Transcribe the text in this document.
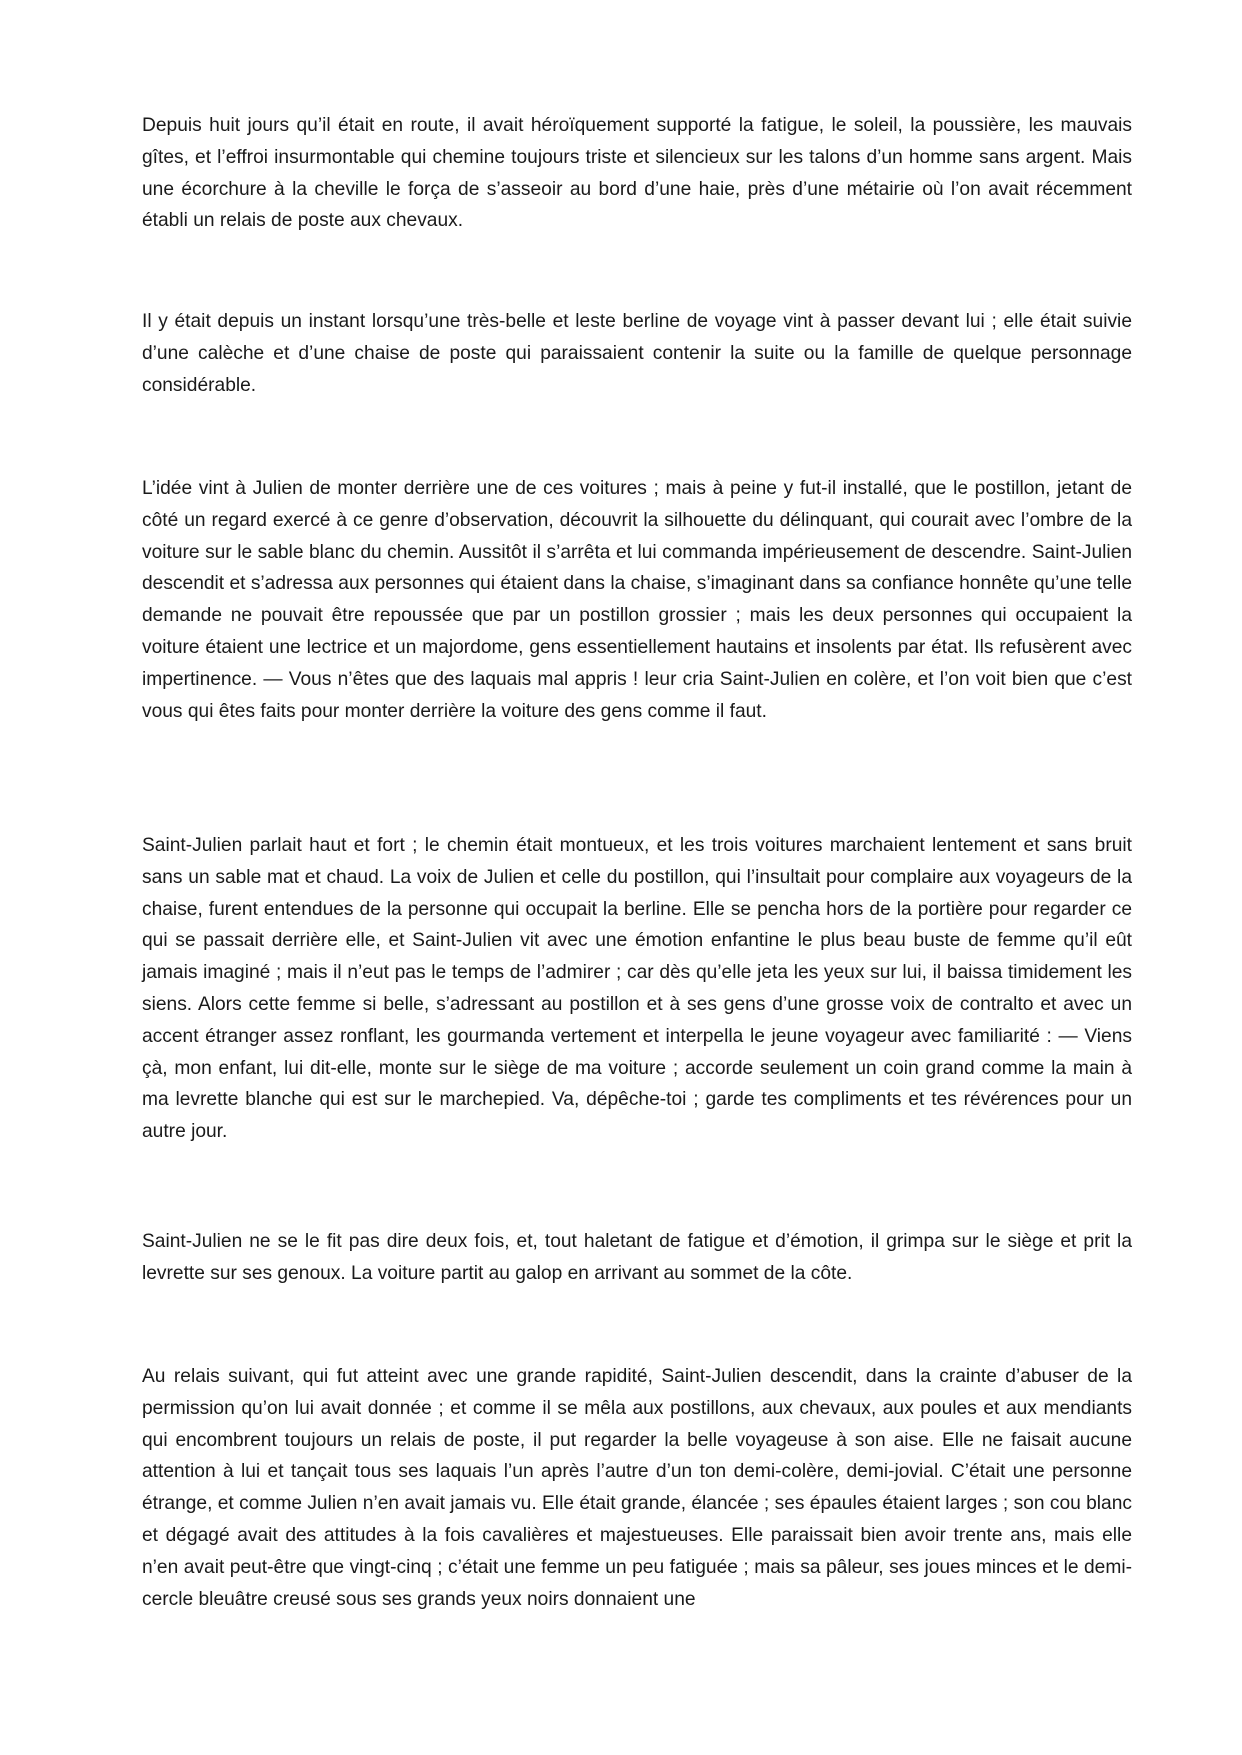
Depuis huit jours qu’il était en route, il avait héroïquement supporté la fatigue, le soleil, la poussière, les mauvais gîtes, et l’effroi insurmontable qui chemine toujours triste et silencieux sur les talons d’un homme sans argent. Mais une écorchure à la cheville le força de s’asseoir au bord d’une haie, près d’une métairie où l’on avait récemment établi un relais de poste aux chevaux.

Il y était depuis un instant lorsqu’une très-belle et leste berline de voyage vint à passer devant lui ; elle était suivie d’une calèche et d’une chaise de poste qui paraissaient contenir la suite ou la famille de quelque personnage considérable.

L’idée vint à Julien de monter derrière une de ces voitures ; mais à peine y fut-il installé, que le postillon, jetant de côté un regard exercé à ce genre d’observation, découvrit la silhouette du délinquant, qui courait avec l’ombre de la voiture sur le sable blanc du chemin. Aussitôt il s’arrêta et lui commanda impérieusement de descendre. Saint-Julien descendit et s’adressa aux personnes qui étaient dans la chaise, s’imaginant dans sa confiance honnête qu’une telle demande ne pouvait être repoussée que par un postillon grossier ; mais les deux personnes qui occupaient la voiture étaient une lectrice et un majordome, gens essentiellement hautains et insolents par état. Ils refusèrent avec impertinence. — Vous n’êtes que des laquais mal appris ! leur cria Saint-Julien en colère, et l’on voit bien que c’est vous qui êtes faits pour monter derrière la voiture des gens comme il faut.

Saint-Julien parlait haut et fort ; le chemin était montueux, et les trois voitures marchaient lentement et sans bruit sans un sable mat et chaud. La voix de Julien et celle du postillon, qui l’insultait pour complaire aux voyageurs de la chaise, furent entendues de la personne qui occupait la berline. Elle se pencha hors de la portière pour regarder ce qui se passait derrière elle, et Saint-Julien vit avec une émotion enfantine le plus beau buste de femme qu’il eût jamais imaginé ; mais il n’eut pas le temps de l’admirer ; car dès qu’elle jeta les yeux sur lui, il baissa timidement les siens. Alors cette femme si belle, s’adressant au postillon et à ses gens d’une grosse voix de contralto et avec un accent étranger assez ronflant, les gourmanda vertement et interpella le jeune voyageur avec familiarité : — Viens çà, mon enfant, lui dit-elle, monte sur le siège de ma voiture ; accorde seulement un coin grand comme la main à ma levrette blanche qui est sur le marchepied. Va, dépêche-toi ; garde tes compliments et tes révérences pour un autre jour.

Saint-Julien ne se le fit pas dire deux fois, et, tout haletant de fatigue et d’émotion, il grimpa sur le siège et prit la levrette sur ses genoux. La voiture partit au galop en arrivant au sommet de la côte.

Au relais suivant, qui fut atteint avec une grande rapidité, Saint-Julien descendit, dans la crainte d’abuser de la permission qu’on lui avait donnée ; et comme il se mêla aux postillons, aux chevaux, aux poules et aux mendiants qui encombrent toujours un relais de poste, il put regarder la belle voyageuse à son aise. Elle ne faisait aucune attention à lui et tançait tous ses laquais l’un après l’autre d’un ton demi-colère, demi-jovial. C’était une personne étrange, et comme Julien n’en avait jamais vu. Elle était grande, élancée ; ses épaules étaient larges ; son cou blanc et dégagé avait des attitudes à la fois cavalières et majestueuses. Elle paraissait bien avoir trente ans, mais elle n’en avait peut-être que vingt-cinq ; c’était une femme un peu fatiguée ; mais sa pâleur, ses joues minces et le demi-cercle bleuâtre creusé sous ses grands yeux noirs donnaient une
